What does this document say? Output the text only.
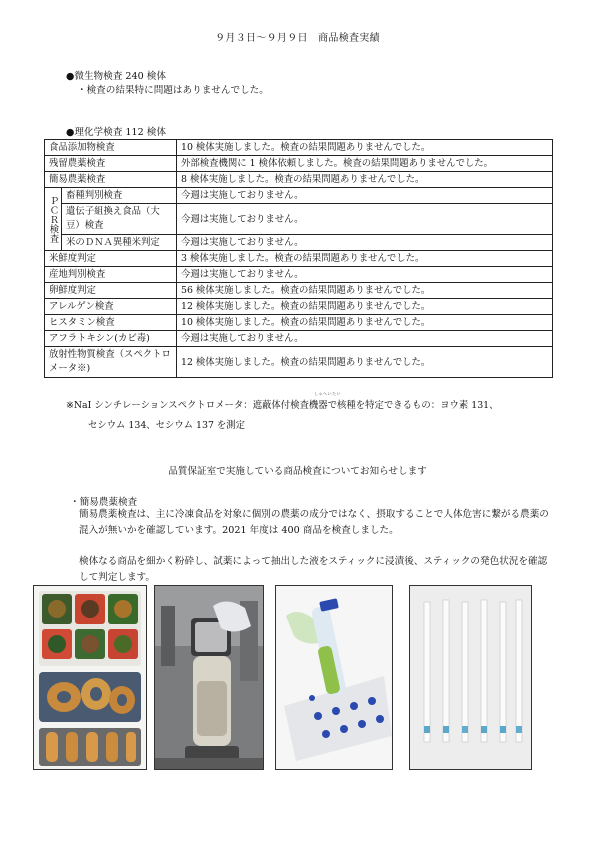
９月３日〜９月９日　商品検査実績
●微生物検査 240 検体
・検査の結果特に問題はありませんでした。
●理化学検査 112 検体
食品添加物検査		10 検体実施しました。検査の結果問題ありませんでした。
残留農薬検査		外部検査機関に 1 検体依頼しました。検査の結果問題ありませんでした。
簡易農薬検査		8 検体実施しました。検査の結果問題ありませんでした。
ＰＣＲ検査	畜種判別検査	今週は実施しておりません。
	遺伝子組換え食品（大豆）検査	今週は実施しておりません。
	米のＤＮＡ異種米判定	今週は実施しておりません。
米鮮度判定		3 検体実施しました。検査の結果問題ありませんでした。
産地判別検査		今週は実施しておりません。
卵鮮度判定		56 検体実施しました。検査の結果問題ありませんでした。
アレルゲン検査		12 検体実施しました。検査の結果問題ありませんでした。
ヒスタミン検査		10 検体実施しました。検査の結果問題ありませんでした。
アフラトキシン(カビ毒)		今週は実施しておりません。
放射性物質検査（スペクトロメータ※)		12 検体実施しました。検査の結果問題ありませんでした。
しゃへいたい
※NaI シンチレーションスペクトロメータ：遮蔽体付検査機器で核種を特定できるもの：ヨウ素 131、
セシウム 134、セシウム 137 を測定
品質保証室で実施している商品検査についてお知らせします
・簡易農薬検査
簡易農薬検査は、主に冷凍食品を対象に個別の農薬の成分ではなく、摂取することで人体危害に繋がる農薬の混入が無いかを確認しています。2021 年度は 400 商品を検査しました。
検体なる商品を細かく粉砕し、試薬によって抽出した液をスティックに浸漬後、スティックの発色状況を確認して判定します。
